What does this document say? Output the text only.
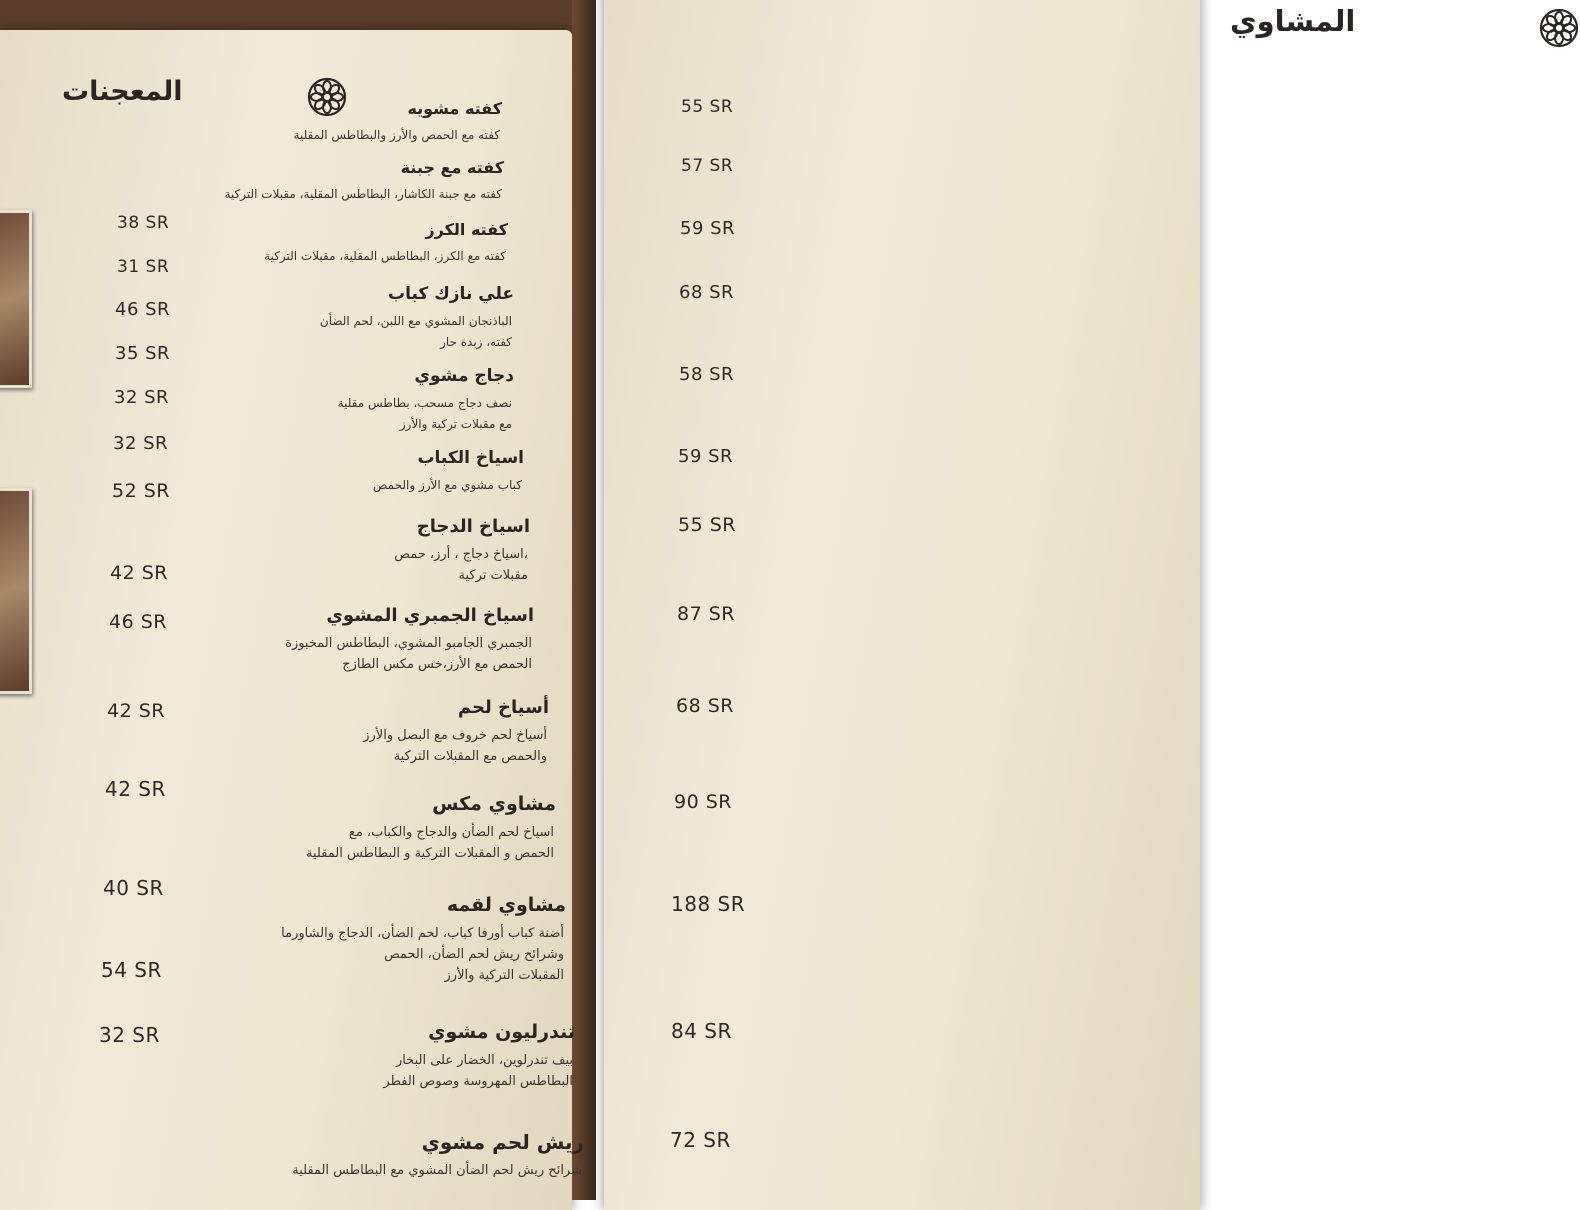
المعجنات
38 SR
31 SR
46 SR
35 SR
32 SR
32 SR
52 SR
42 SR
46 SR
42 SR
42 SR
40 SR
54 SR
32 SR
المشاوي
كفته مشويه
كفته مع الحمص والأرز والبطاطس المقلية
55 SR
كفته مع جبنة
كفته مع جبنة الكاشار، البطاطس المقلية، مقبلات التركية
57 SR
كفته الكرز
كفته مع الكرز، البطاطس المقلية، مقبلات التركية
59 SR
علي نازك كباب
الباذنجان المشوي مع اللبن، لحم الضأن
كفته، زبدة حار
68 SR
دجاج مشوي
نصف دجاج مسحب، بطاطس مقلية
مع مقبلات تركية والأرز
58 SR
اسياخ الكباب
كباب مشوي مع الأرز والحمص
59 SR
اسياخ الدجاج
،اسياخ دجاج ، أرز، حمص
مقبلات تركية
55 SR
اسياخ الجمبري المشوي
الجمبري الجامبو المشوي، البطاطس المخبوزة
الحمص مع الأرز،خس مكس الطازج
87 SR
أسياخ لحم
أسياخ لحم خروف مع البصل والأرز
والحمص مع المقبلات التركية
68 SR
مشاوي مكس
اسياخ لحم الضأن والدجاج والكباب، مع
الحمص و المقبلات التركية و البطاطس المقلية
90 SR
مشاوي لقمه
أضنة كباب أورفا كباب، لحم الضأن، الدجاج والشاورما
وشرائح ريش لحم الضأن، الحمص
المقبلات التركية والأرز
188 SR
تندرليون مشوي
بيف تندرلوين، الخضار على البخار
البطاطس المهروسة وصوص الفطر
84 SR
ريش لحم مشوي
شرائح ريش لحم الضأن المشوي مع البطاطس المقلية
72 SR
